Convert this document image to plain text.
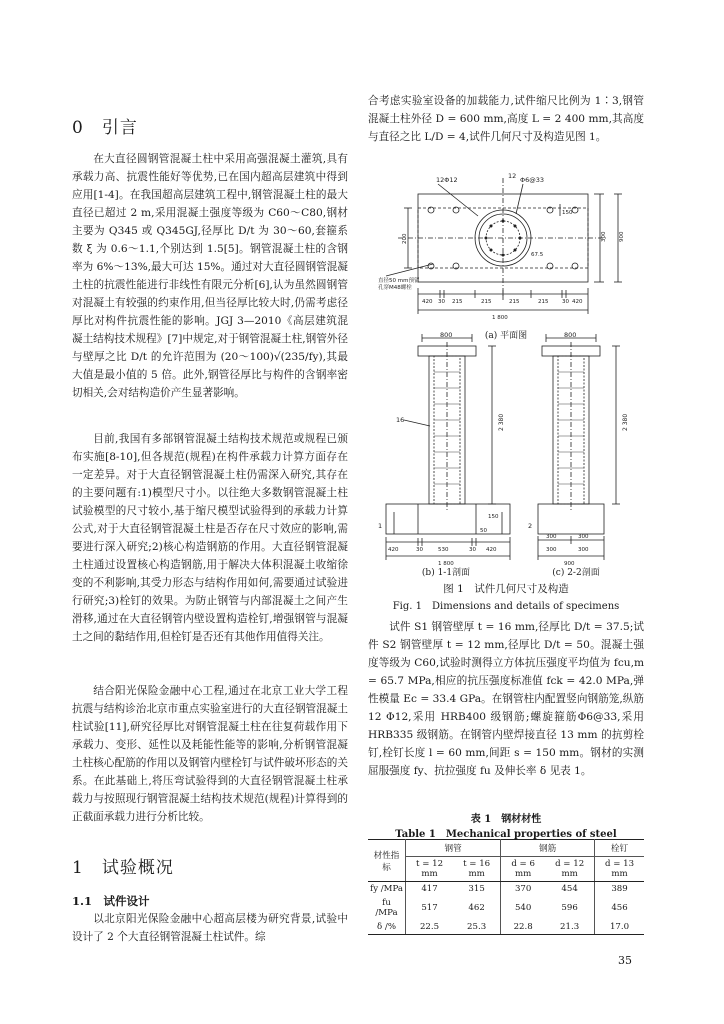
0　引言

在大直径圆钢管混凝土柱中采用高强混凝土灌筑,具有承载力高、抗震性能好等优势,已在国内超高层建筑中得到应用[1-4]。在我国超高层建筑工程中,钢管混凝土柱的最大直径已超过 2 m,采用混凝土强度等级为 C60～C80,钢材主要为 Q345 或 Q345GJ,径厚比 D/t 为 30～60,套箍系数 ξ 为 0.6～1.1,个别达到 1.5[5]。钢管混凝土柱的含钢率为 6%～13%,最大可达 15%。通过对大直径圆钢管混凝土柱的抗震性能进行非线性有限元分析[6],认为虽然圆钢管对混凝土有较强的约束作用,但当径厚比较大时,仍需考虑径厚比对构件抗震性能的影响。JGJ 3—2010《高层建筑混凝土结构技术规程》[7]中规定,对于钢管混凝土柱,钢管外径与壁厚之比 D/t 的允许范围为 (20～100)√(235/fy),其最大值是最小值的 5 倍。此外,钢管径厚比与构件的含钢率密切相关,会对结构造价产生显著影响。

目前,我国有多部钢管混凝土结构技术规范或规程已颁布实施[8-10],但各规范(规程)在构件承载力计算方面存在一定差异。对于大直径钢管混凝土柱仍需深入研究,其存在的主要问题有:1)模型尺寸小。以往绝大多数钢管混凝土柱试验模型的尺寸较小,基于缩尺模型试验得到的承载力计算公式,对于大直径钢管混凝土柱是否存在尺寸效应的影响,需要进行深入研究;2)核心构造钢筋的作用。大直径钢管混凝土柱通过设置核心构造钢筋,用于解决大体积混凝土收缩徐变的不利影响,其受力形态与结构作用如何,需要通过试验进行研究;3)栓钉的效果。为防止钢管与内部混凝土之间产生滑移,通过在大直径钢管内壁设置构造栓钉,增强钢管与混凝土之间的黏结作用,但栓钉是否还有其他作用值得关注。

结合阳光保险金融中心工程,通过在北京工业大学工程抗震与结构诊治北京市重点实验室进行的大直径钢管混凝土柱试验[11],研究径厚比对钢管混凝土柱在往复荷载作用下承载力、变形、延性以及耗能性能等的影响,分析钢管混凝土柱核心配筋的作用以及钢管内壁栓钉与试件破坏形态的关系。在此基础上,将压弯试验得到的大直径钢管混凝土柱承载力与按照现行钢管混凝土结构技术规范(规程)计算得到的正截面承载力进行分析比较。

1　试验概况
1.1　试件设计

以北京阳光保险金融中心超高层楼为研究背景,试验中设计了 2 个大直径钢管混凝土柱试件。综

合考虑实验室设备的加载能力,试件缩尺比例为 1∶3,钢管混凝土柱外径 D = 600 mm,高度 L = 2 400 mm,其高度与直径之比 L/D = 4,试件几何尺寸及构造见图 1。

12Φ12	12 Φ6@33
150
67.5
300 900
200
直径50 mm预留
孔穿M48螺栓
420 30 215	215	215	215 30 420
1 800
(a) 平面图
800
2 380
16
1
420	30	530	30 420
50
150
1 800
800
2 380
2
300	300
300	300
900
(b) 1-1剖面	(c) 2-2剖面
图 1　试件几何尺寸及构造
Fig. 1　Dimensions and details of specimens

试件 S1 钢管壁厚 t = 16 mm,径厚比 D/t = 37.5;试件 S2 钢管壁厚 t = 12 mm,径厚比 D/t = 50。混凝土强度等级为 C60,试验时测得立方体抗压强度平均值为 fcu,m = 65.7 MPa,相应的抗压强度标准值 fck = 42.0 MPa,弹性模量 Ec = 33.4 GPa。在钢管柱内配置竖向钢筋笼,纵筋 12 Φ12,采用 HRB400 级钢筋;螺旋箍筋Φ6@33,采用 HRB335 级钢筋。在钢管内壁焊接直径 13 mm 的抗剪栓钉,栓钉长度 l = 60 mm,间距 s = 150 mm。钢材的实测屈服强度 fy、抗拉强度 fu 及伸长率 δ 见表 1。

表 1　钢材材性
Table 1　Mechanical properties of steel
材性指标	钢管		钢筋		栓钉
	t = 12 mm	t = 16 mm	d = 6 mm	d = 12 mm	d = 13 mm
fy /MPa	417	315	370	454	389
fu /MPa	517	462	540	596	456
δ /%	22.5	25.3	22.8	21.3	17.0
35
